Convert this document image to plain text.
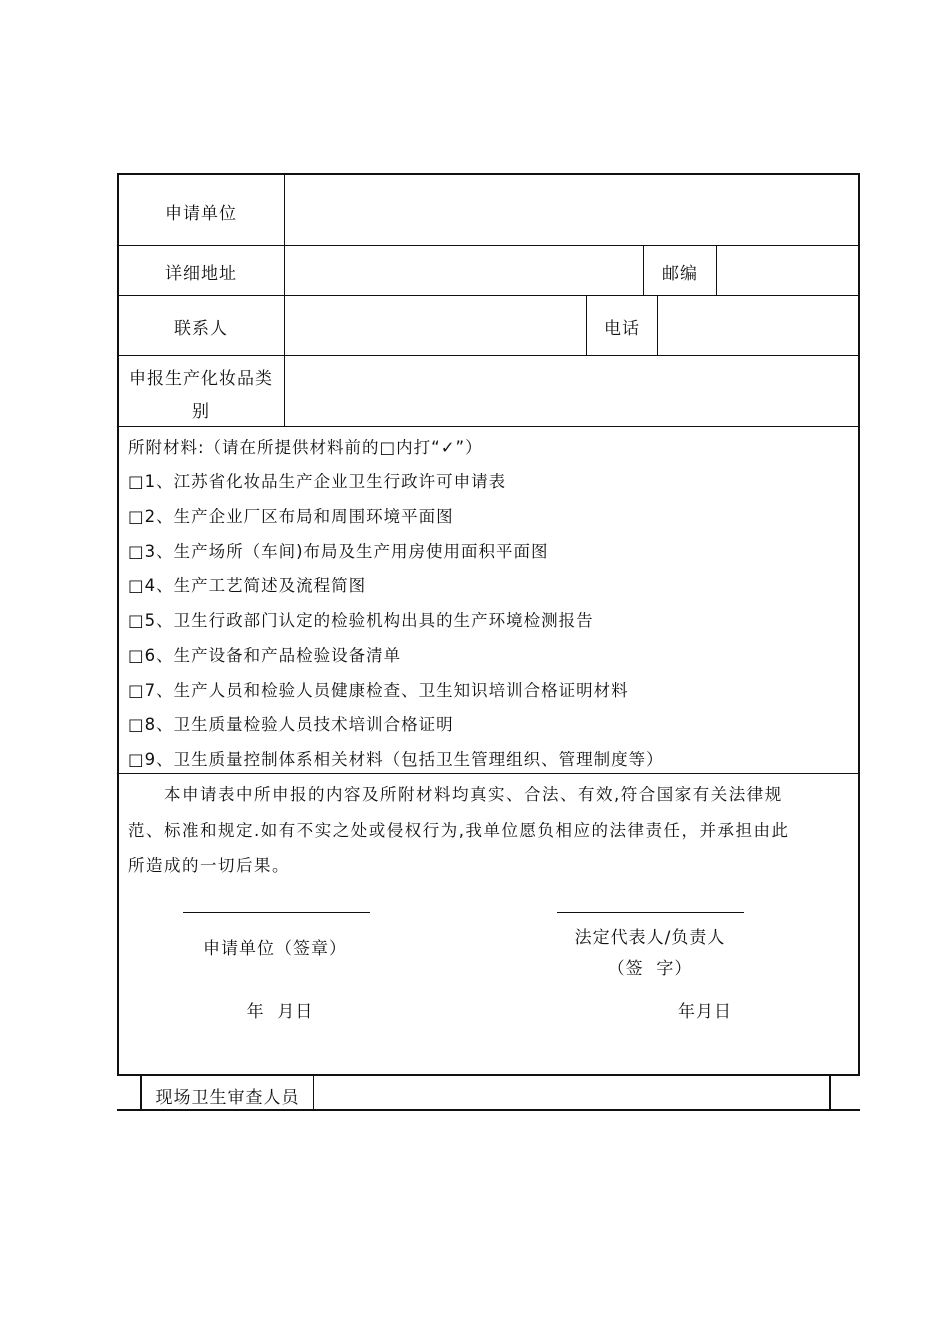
申请单位
详细地址	邮编
联系人	电话
申报生产化妆品类
别
所附材料:（请在所提供材料前的□内打“✓”）
□1、江苏省化妆品生产企业卫生行政许可申请表
□2、生产企业厂区布局和周围环境平面图
□3、生产场所（车间)布局及生产用房使用面积平面图
□4、生产工艺简述及流程简图
□5、卫生行政部门认定的检验机构出具的生产环境检测报告
□6、生产设备和产品检验设备清单
□7、生产人员和检验人员健康检查、卫生知识培训合格证明材料
□8、卫生质量检验人员技术培训合格证明
□9、卫生质量控制体系相关材料（包括卫生管理组织、管理制度等）
本申请表中所申报的内容及所附材料均真实、合法、有效,符合国家有关法律规
范、标准和规定.如有不实之处或侵权行为,我单位愿负相应的法律责任，并承担由此
所造成的一切后果。
申请单位（签章）
年  月日
法定代表人/负责人
（签  字）
年月日
现场卫生审查人员
